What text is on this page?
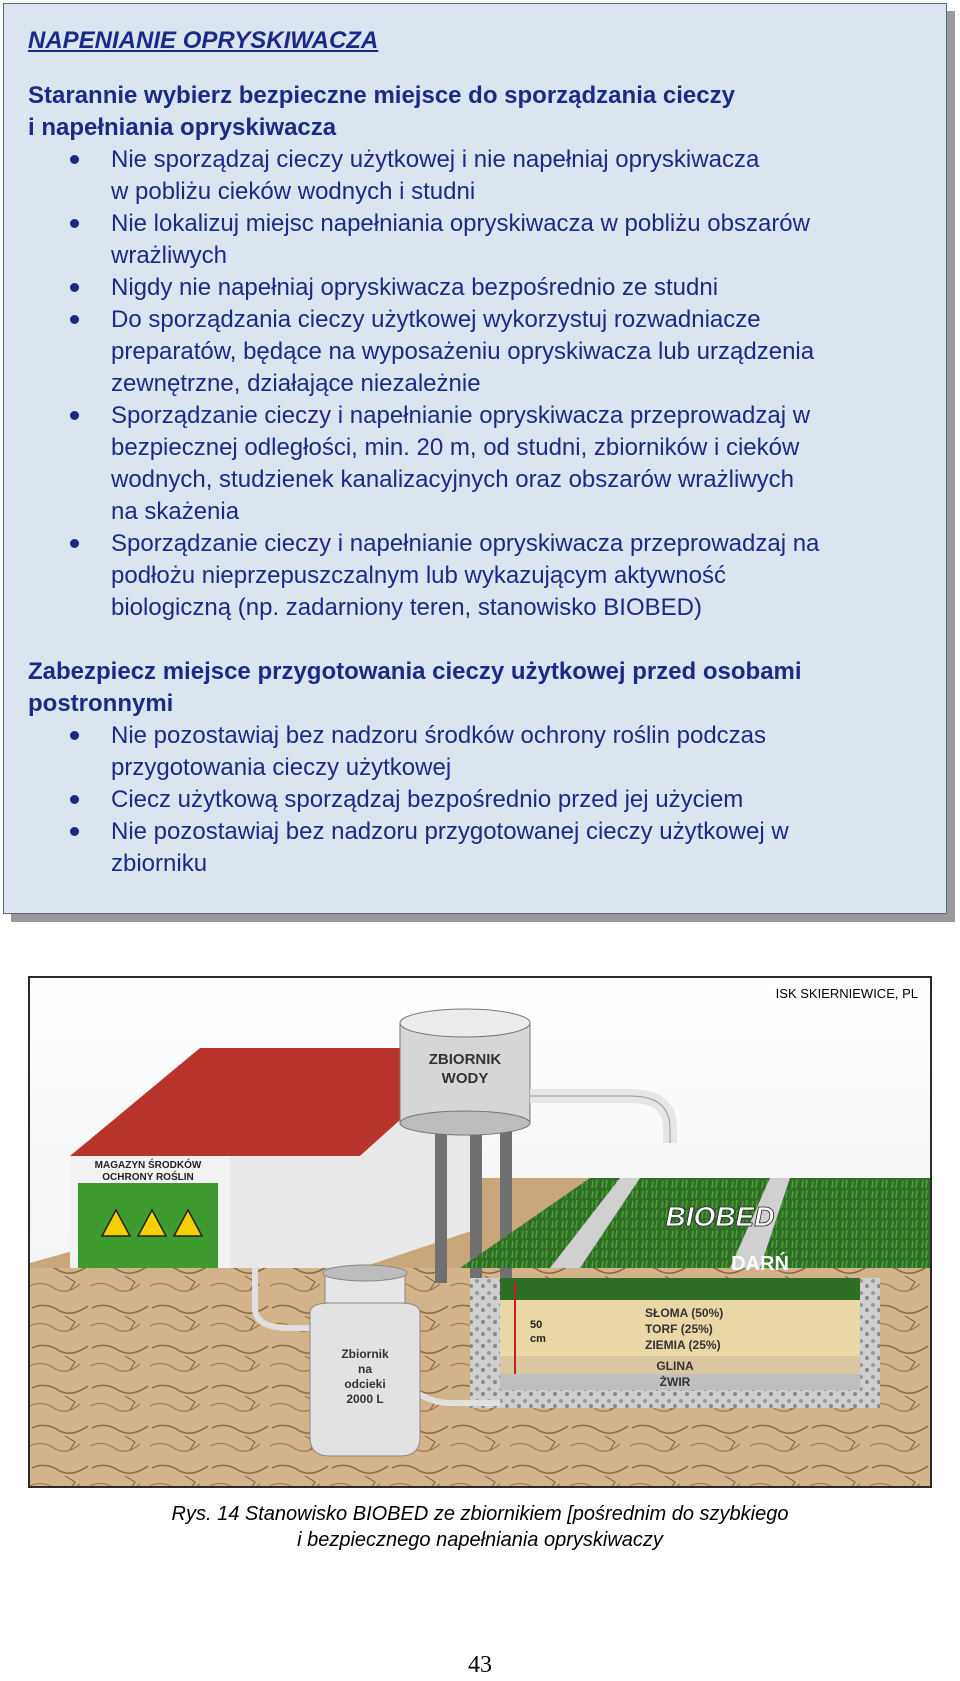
NAPENIANIE OPRYSKIWACZA
Starannie wybierz bezpieczne miejsce do sporządzania cieczy
i napełniania opryskiwacza
Nie sporządzaj cieczy użytkowej i nie napełniaj opryskiwacza
w pobliżu cieków wodnych i studni
Nie lokalizuj miejsc napełniania opryskiwacza w pobliżu obszarów
wrażliwych
Nigdy nie napełniaj opryskiwacza bezpośrednio ze studni
Do sporządzania cieczy użytkowej wykorzystuj rozwadniacze
preparatów, będące na wyposażeniu opryskiwacza lub urządzenia
zewnętrzne, działające niezależnie
Sporządzanie cieczy i napełnianie opryskiwacza przeprowadzaj w
bezpiecznej odległości, min. 20 m, od studni, zbiorników i cieków
wodnych, studzienek kanalizacyjnych oraz obszarów wrażliwych
na skażenia
Sporządzanie cieczy i napełnianie opryskiwacza przeprowadzaj na
podłożu nieprzepuszczalnym lub wykazującym aktywność
biologiczną (np. zadarniony teren, stanowisko BIOBED)
Zabezpiecz miejsce przygotowania cieczy użytkowej przed osobami
postronnymi
Nie pozostawiaj bez nadzoru środków ochrony roślin podczas
przygotowania cieczy użytkowej
Ciecz użytkową sporządzaj bezpośrednio przed jej użyciem
Nie pozostawiaj bez nadzoru przygotowanej cieczy użytkowej w
zbiorniku
MAGAZYN ŚRODKÓW
OCHRONY ROŚLIN
ZBIORNIK
WODY
BIOBED
DARŃ
50
cm
SŁOMA (50%)
TORF (25%)
ZIEMIA (25%)
GLINA
ŻWIR
Zbiornik
na
odcieki
2000 L
ISK SKIERNIEWICE, PL
Rys. 14 Stanowisko BIOBED ze zbiornikiem [pośrednim do szybkiego
i bezpiecznego napełniania opryskiwaczy
43
